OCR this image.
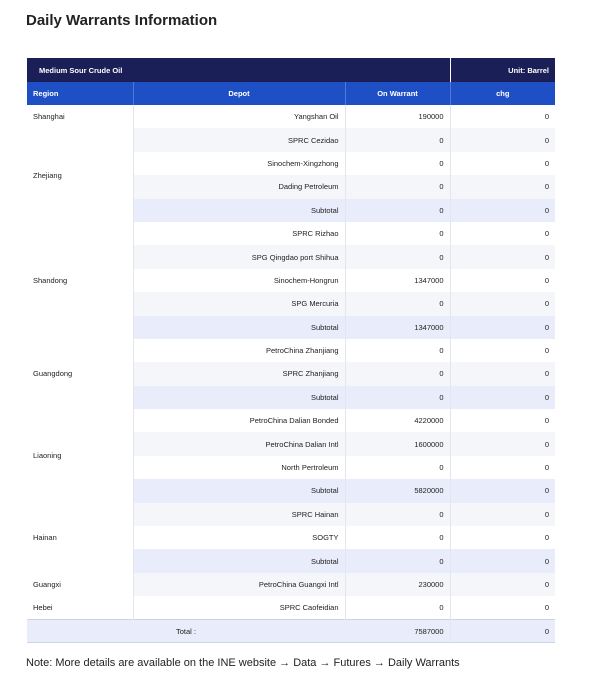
Daily Warrants Information
Medium Sour Crude Oil			Unit: Barrel
Region	Depot	On Warrant	chg
Shanghai	Yangshan Oil	190000	0
Zhejiang	SPRC Cezidao	0	0
	Sinochem-Xingzhong	0	0
	Dading Petroleum	0	0
	Subtotal	0	0
Shandong	SPRC Rizhao	0	0
	SPG Qingdao port Shihua	0	0
	Sinochem-Hongrun	1347000	0
	SPG Mercuria	0	0
	Subtotal	1347000	0
Guangdong	PetroChina Zhanjiang	0	0
	SPRC Zhanjiang	0	0
	Subtotal	0	0
Liaoning	PetroChina Dalian Bonded	4220000	0
	PetroChina Dalian Intl	1600000	0
	North Pertroleum	0	0
	Subtotal	5820000	0
Hainan	SPRC Hainan	0	0
	SOGTY	0	0
	Subtotal	0	0
Guangxi	PetroChina Guangxi Intl	230000	0
Hebei	SPRC Caofeidian	0	0
Total :		7587000	0
Note: More details are available on the INE website → Data → Futures → Daily Warrants
